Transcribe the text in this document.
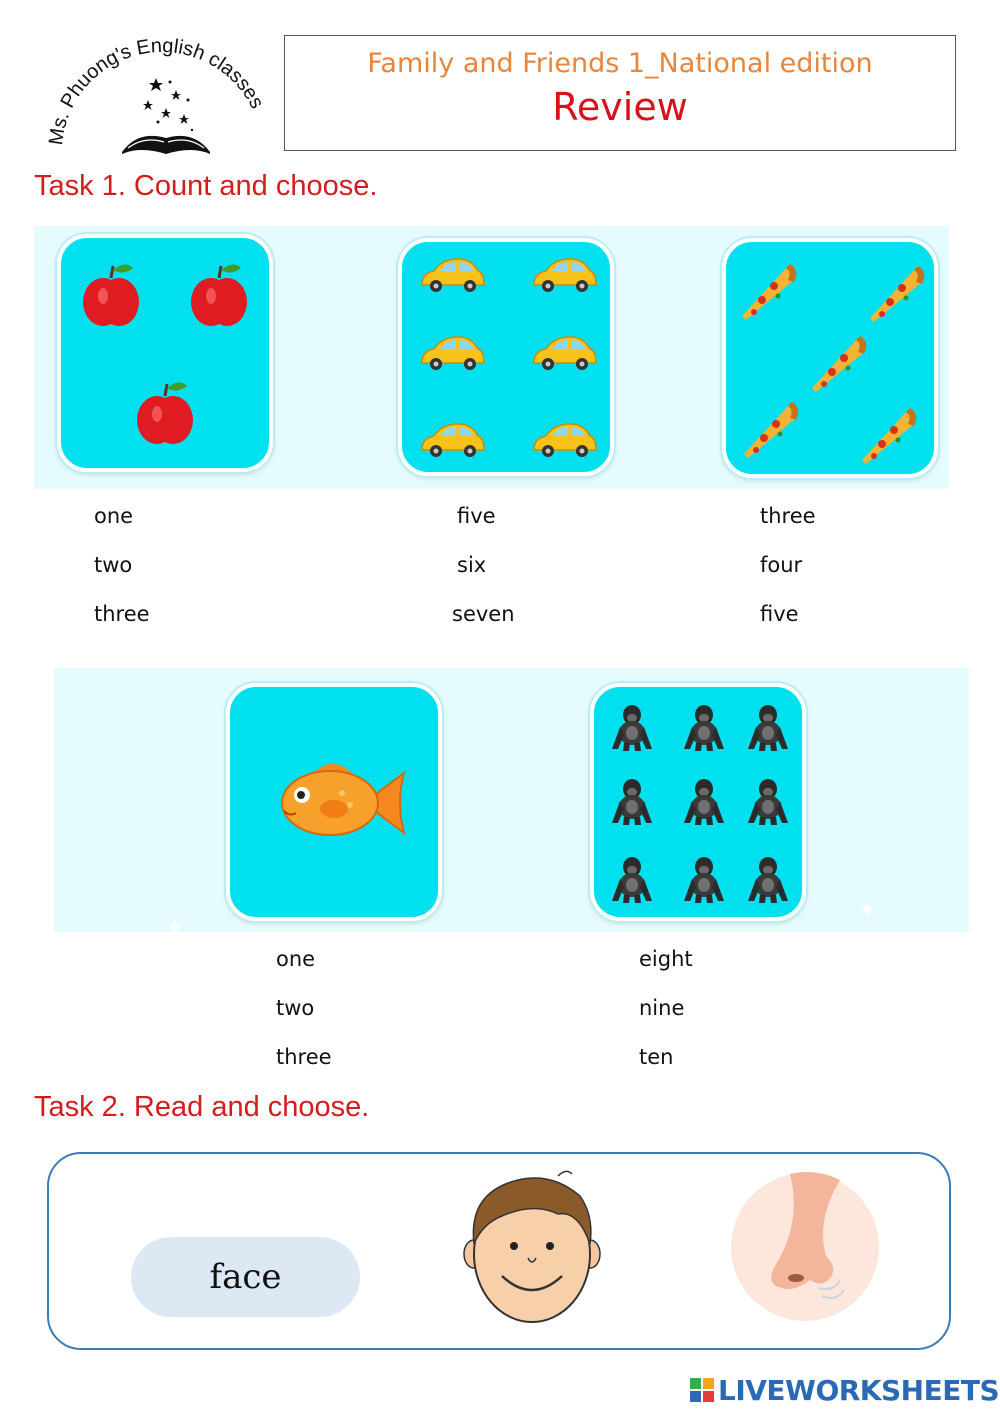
Ms. Phuong's English classes
Family and Friends 1_National edition
Review
Task 1. Count and choose.
one
two
three
five
six
seven
three
four
five
✦
✦
one
two
three
eight
nine
ten
Task 2. Read and choose.
face
LIVEWORKSHEETS
